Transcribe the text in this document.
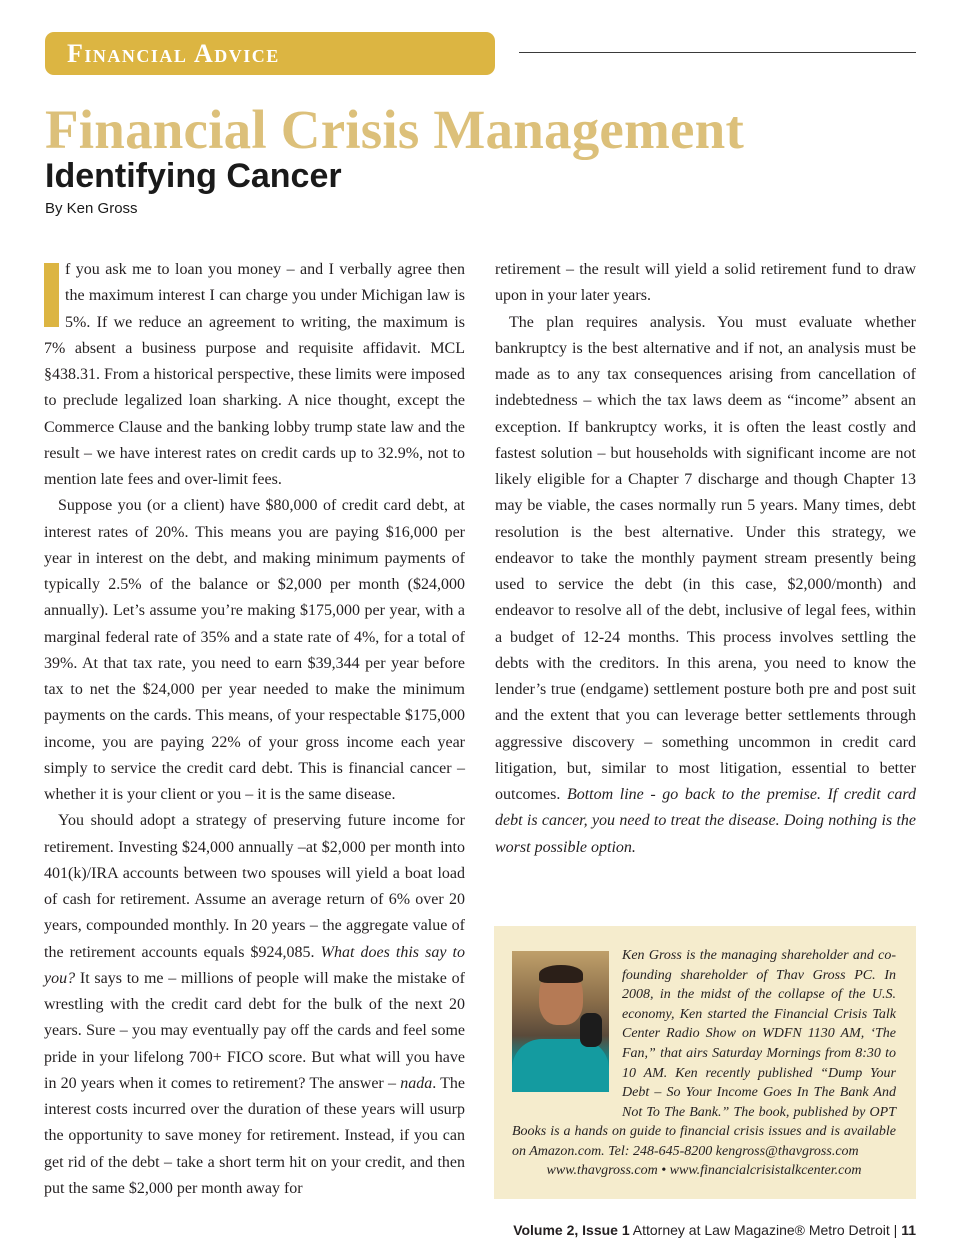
Financial Advice
Financial Crisis Management
Identifying Cancer
By Ken Gross

f you ask me to loan you money – and I verbally agree then the maximum interest I can charge you under Michigan law is 5%. If we reduce an agreement to writing, the maximum is 7% absent a business purpose and requisite affidavit. MCL §438.31. From a historical perspective, these limits were imposed to preclude legalized loan sharking. A nice thought, except the Commerce Clause and the banking lobby trump state law and the result – we have interest rates on credit cards up to 32.9%, not to mention late fees and over-limit fees.

Suppose you (or a client) have $80,000 of credit card debt, at interest rates of 20%. This means you are paying $16,000 per year in interest on the debt, and making minimum payments of typically 2.5% of the balance or $2,000 per month ($24,000 annually). Let’s assume you’re making $175,000 per year, with a marginal federal rate of 35% and a state rate of 4%, for a total of 39%. At that tax rate, you need to earn $39,344 per year before tax to net the $24,000 per year needed to make the minimum payments on the cards. This means, of your respectable $175,000 income, you are paying 22% of your gross income each year simply to service the credit card debt. This is financial cancer – whether it is your client or you – it is the same disease.

You should adopt a strategy of preserving future income for retirement. Investing $24,000 annually –at $2,000 per month into 401(k)/IRA accounts between two spouses will yield a boat load of cash for retirement. Assume an average return of 6% over 20 years, compounded monthly. In 20 years – the aggregate value of the retirement accounts equals $924,085. What does this say to you? It says to me – millions of people will make the mistake of wrestling with the credit card debt for the bulk of the next 20 years. Sure – you may eventually pay off the cards and feel some pride in your lifelong 700+ FICO score. But what will you have in 20 years when it comes to retirement? The answer – nada. The interest costs incurred over the duration of these years will usurp the opportunity to save money for retirement. Instead, if you can get rid of the debt – take a short term hit on your credit, and then put the same $2,000 per month away for

retirement – the result will yield a solid retirement fund to draw upon in your later years.

The plan requires analysis. You must evaluate whether bankruptcy is the best alternative and if not, an analysis must be made as to any tax consequences arising from cancellation of indebtedness – which the tax laws deem as “income” absent an exception. If bankruptcy works, it is often the least costly and fastest solution – but households with significant income are not likely eligible for a Chapter 7 discharge and though Chapter 13 may be viable, the cases normally run 5 years. Many times, debt resolution is the best alternative. Under this strategy, we endeavor to take the monthly payment stream presently being used to service the debt (in this case, $2,000/month) and endeavor to resolve all of the debt, inclusive of legal fees, within a budget of 12-24 months. This process involves settling the debts with the creditors. In this arena, you need to know the lender’s true (endgame) settlement posture both pre and post suit and the extent that you can leverage better settlements through aggressive discovery – something uncommon in credit card litigation, but, similar to most litigation, essential to better outcomes. Bottom line - go back to the premise. If credit card debt is cancer, you need to treat the disease. Doing nothing is the worst possible option.

Ken Gross is the managing shareholder and co-founding shareholder of Thav Gross PC. In 2008, in the midst of the collapse of the U.S. economy, Ken started the Financial Crisis Talk Center Radio Show on WDFN 1130 AM, ‘The Fan,” that airs Saturday Mornings from 8:30 to 10 AM. Ken recently published “Dump Your Debt – So Your Income Goes In The Bank And Not To The Bank.” The book, published by OPT Books is a hands on guide to financial crisis issues and is available on Amazon.com. Tel: 248-645-8200 kengross@thavgross.com
www.thavgross.com • www.financialcrisistalkcenter.com
Volume 2, Issue 1 Attorney at Law Magazine® Metro Detroit | 11
